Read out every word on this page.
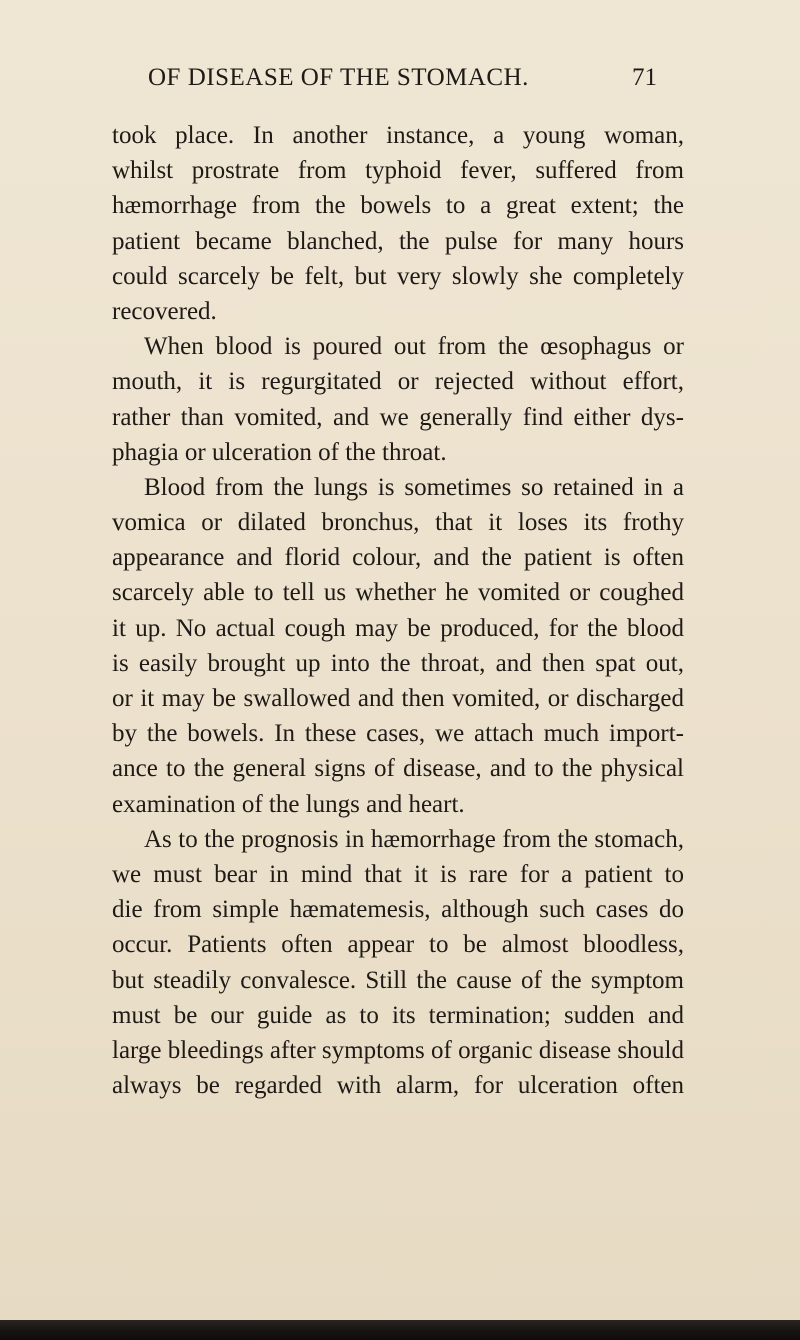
OF DISEASE OF THE STOMACH.	71
took place. In another instance, a young woman,
whilst prostrate from typhoid fever, suffered from
hæmorrhage from the bowels to a great extent; the
patient became blanched, the pulse for many hours
could scarcely be felt, but very slowly she completely
recovered.
When blood is poured out from the œsophagus or
mouth, it is regurgitated or rejected without effort,
rather than vomited, and we generally find either dys-
phagia or ulceration of the throat.
Blood from the lungs is sometimes so retained in a
vomica or dilated bronchus, that it loses its frothy
appearance and florid colour, and the patient is often
scarcely able to tell us whether he vomited or coughed
it up. No actual cough may be produced, for the blood
is easily brought up into the throat, and then spat out,
or it may be swallowed and then vomited, or discharged
by the bowels. In these cases, we attach much import-
ance to the general signs of disease, and to the physical
examination of the lungs and heart.
As to the prognosis in hæmorrhage from the stomach,
we must bear in mind that it is rare for a patient to
die from simple hæmatemesis, although such cases do
occur. Patients often appear to be almost bloodless,
but steadily convalesce. Still the cause of the symptom
must be our guide as to its termination; sudden and
large bleedings after symptoms of organic disease should
always be regarded with alarm, for ulceration often
